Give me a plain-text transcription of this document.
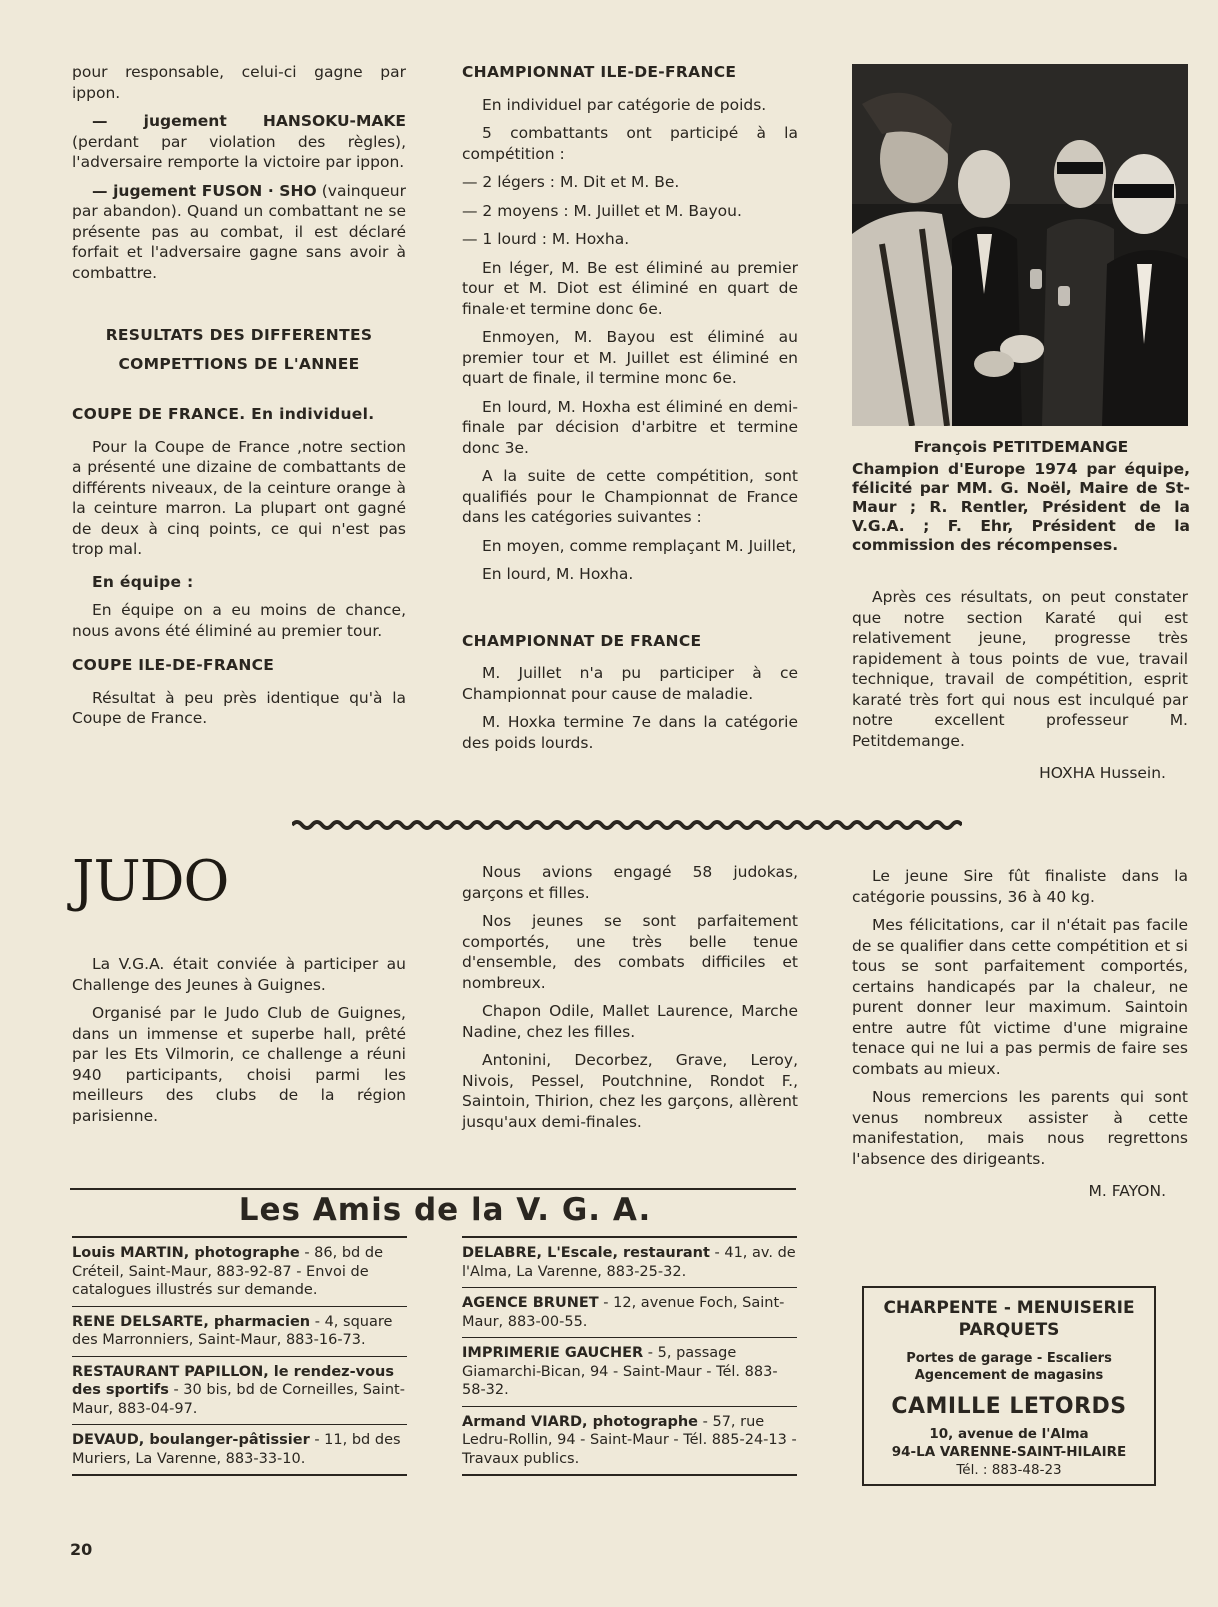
pour responsable, celui-ci gagne par ippon.

— jugement HANSOKU-MAKE (perdant par violation des règles), l'adversaire remporte la victoire par ippon.

— jugement FUSON · SHO (vainqueur par abandon). Quand un combattant ne se présente pas au combat, il est déclaré forfait et l'adversaire gagne sans avoir à combattre.

RESULTATS DES DIFFERENTES
COMPETTIONS DE L'ANNEE
COUPE DE FRANCE. En individuel.

Pour la Coupe de France ,notre section a présenté une dizaine de combattants de différents niveaux, de la ceinture orange à la ceinture marron. La plupart ont gagné de deux à cinq points, ce qui n'est pas trop mal.

En équipe :

En équipe on a eu moins de chance, nous avons été éliminé au premier tour.

COUPE ILE-DE-FRANCE

Résultat à peu près identique qu'à la Coupe de France.

CHAMPIONNAT ILE-DE-FRANCE

En individuel par catégorie de poids.

5 combattants ont participé à la compétition :

— 2 légers : M. Dit et M. Be.

— 2 moyens : M. Juillet et M. Bayou.

— 1 lourd : M. Hoxha.

En léger, M. Be est éliminé au premier tour et M. Diot est éliminé en quart de finale·et termine donc 6e.

Enmoyen, M. Bayou est éliminé au premier tour et M. Juillet est éliminé en quart de finale, il termine monc 6e.

En lourd, M. Hoxha est éliminé en demi-finale par décision d'arbitre et termine donc 3e.

A la suite de cette compétition, sont qualifiés pour le Championnat de France dans les catégories suivantes :

En moyen, comme remplaçant M. Juillet,

En lourd, M. Hoxha.

CHAMPIONNAT DE FRANCE

M. Juillet n'a pu participer à ce Championnat pour cause de maladie.

M. Hoxka termine 7e dans la catégorie des poids lourds.

François PETITDEMANGE
Champion d'Europe 1974 par équipe, félicité par MM. G. Noël, Maire de St-Maur ; R. Rentler, Président de la V.G.A. ; F. Ehr, Président de la commission des récompenses.

Après ces résultats, on peut constater que notre section Karaté qui est relativement jeune, progresse très rapidement à tous points de vue, travail technique, travail de compétition, esprit karaté très fort qui nous est inculqué par notre excellent professeur M. Petitdemange.

HOXHA Hussein.
JUDO

La V.G.A. était conviée à participer au Challenge des Jeunes à Guignes.

Organisé par le Judo Club de Guignes, dans un immense et superbe hall, prêté par les Ets Vilmorin, ce challenge a réuni 940 participants, choisi parmi les meilleurs des clubs de la région parisienne.

Nous avions engagé 58 judokas, garçons et filles.

Nos jeunes se sont parfaitement comportés, une très belle tenue d'ensemble, des combats difficiles et nombreux.

Chapon Odile, Mallet Laurence, Marche Nadine, chez les filles.

Antonini, Decorbez, Grave, Leroy, Nivois, Pessel, Poutchnine, Rondot F., Saintoin, Thirion, chez les garçons, allèrent jusqu'aux demi-finales.

Le jeune Sire fût finaliste dans la catégorie poussins, 36 à 40 kg.

Mes félicitations, car il n'était pas facile de se qualifier dans cette compétition et si tous se sont parfaitement comportés, certains handicapés par la chaleur, ne purent donner leur maximum. Saintoin entre autre fût victime d'une migraine tenace qui ne lui a pas permis de faire ses combats au mieux.

Nous remercions les parents qui sont venus nombreux assister à cette manifestation, mais nous regrettons l'absence des dirigeants.

M. FAYON.
Les Amis de la V. G. A.
Louis MARTIN, photographe - 86, bd de Créteil, Saint-Maur, 883-92-87 - Envoi de catalogues illustrés sur demande.
RENE DELSARTE, pharmacien - 4, square des Marronniers, Saint-Maur, 883-16-73.
RESTAURANT PAPILLON, le rendez-vous des sportifs - 30 bis, bd de Corneilles, Saint-Maur, 883-04-97.
DEVAUD, boulanger-pâtissier - 11, bd des Muriers, La Varenne, 883-33-10.
DELABRE, L'Escale, restaurant - 41, av. de l'Alma, La Varenne, 883-25-32.
AGENCE BRUNET - 12, avenue Foch, Saint-Maur, 883-00-55.
IMPRIMERIE GAUCHER - 5, passage Giamarchi-Bican, 94 - Saint-Maur - Tél. 883-58-32.
Armand VIARD, photographe - 57, rue Ledru-Rollin, 94 - Saint-Maur - Tél. 885-24-13 - Travaux publics.
CHARPENTE - MENUISERIE
PARQUETS
Portes de garage - Escaliers
Agencement de magasins
CAMILLE LETORDS
10, avenue de l'Alma
94-LA VARENNE-SAINT-HILAIRE
Tél. : 883-48-23
20
